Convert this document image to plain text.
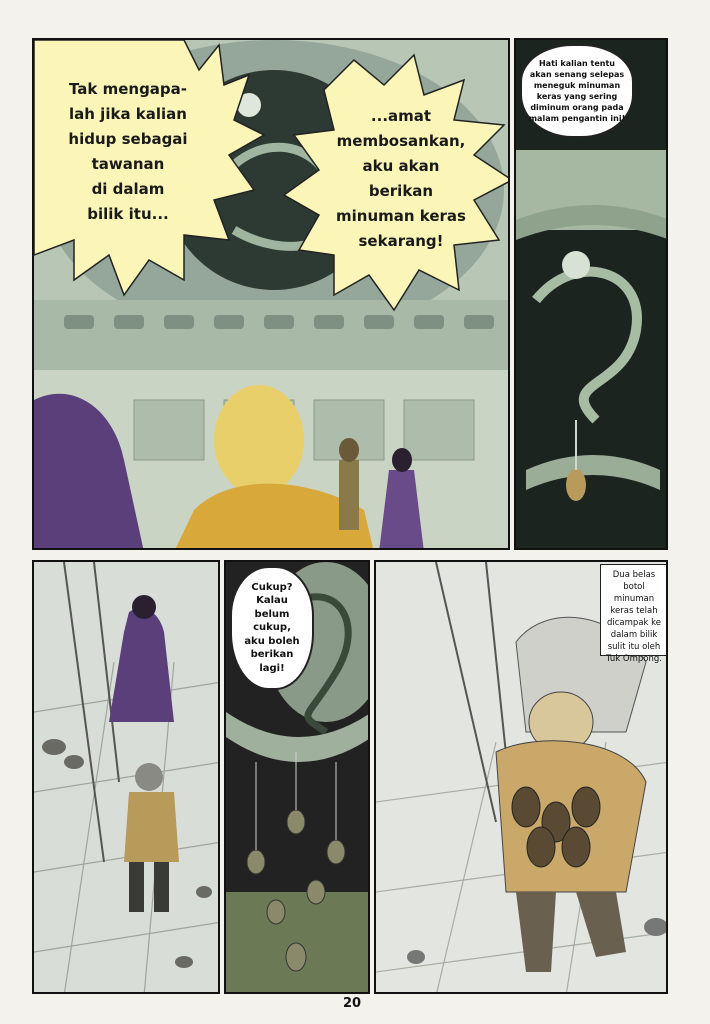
Tak mengapa-
lah jika kalian
hidup sebagai
tawanan
di dalam
bilik itu...
...amat
membosankan,
aku akan
berikan
minuman keras
sekarang!
Hati kalian tentu
akan senang selepas
meneguk minuman
keras yang sering
diminum orang pada
malam pengantin ini!
Cukup?
Kalau
belum
cukup,
aku boleh
berikan
lagi!
Dua belas
botol minuman
keras telah
dicampak ke
dalam bilik
sulit itu oleh
Tuk Ompong.
20
